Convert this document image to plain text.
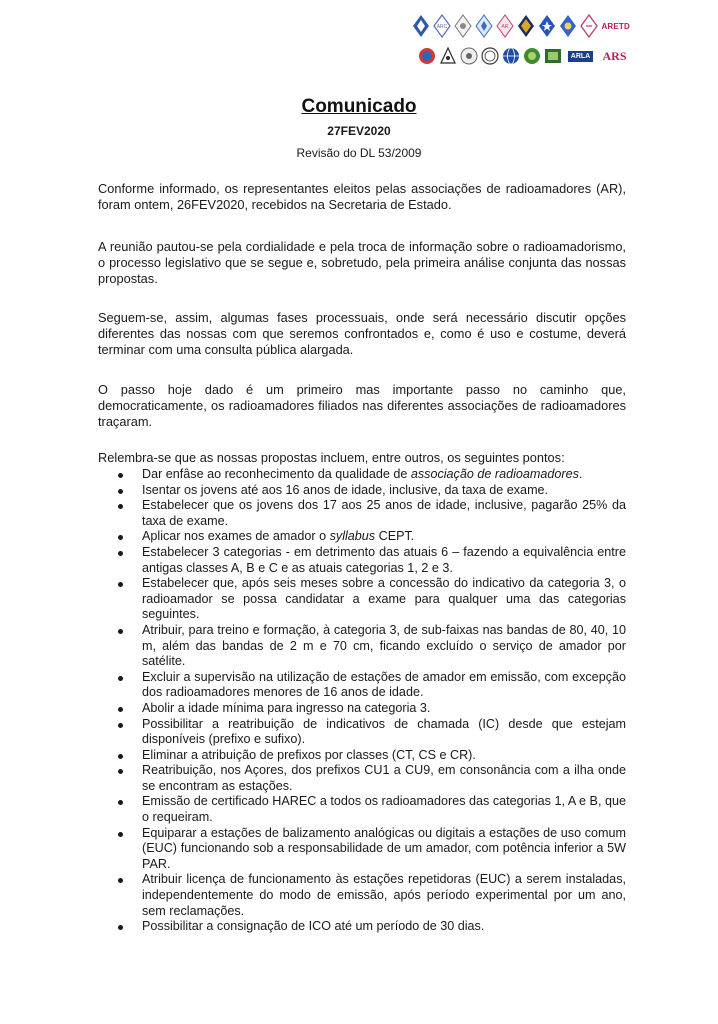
ARC	AR	ARETD
ARLA ARS
Comunicado
27FEV2020
Revisão do DL 53/2009
Conforme informado, os representantes eleitos pelas associações de radioamadores (AR), foram ontem, 26FEV2020, recebidos na Secretaria de Estado.
A reunião pautou-se pela cordialidade e pela troca de informação sobre o radioamadorismo, o processo legislativo que se segue e, sobretudo, pela primeira análise conjunta das nossas propostas.
Seguem-se, assim, algumas fases processuais, onde será necessário discutir opções diferentes das nossas com que seremos confrontados e, como é uso e costume, deverá terminar com uma consulta pública alargada.
O passo hoje dado é um primeiro mas importante passo no caminho que, democraticamente, os radioamadores filiados nas diferentes associações de radioamadores traçaram.
Relembra-se que as nossas propostas incluem, entre outros, os seguintes pontos:
Dar enfâse ao reconhecimento da qualidade de associação de radioamadores.
Isentar os jovens até aos 16 anos de idade, inclusive, da taxa de exame.
Estabelecer que os jovens dos 17 aos 25 anos de idade, inclusive, pagarão 25% da taxa de exame.
Aplicar nos exames de amador o syllabus CEPT.
Estabelecer 3 categorias - em detrimento das atuais 6 – fazendo a equivalência entre antigas classes A, B e C e as atuais categorias 1, 2 e 3.
Estabelecer que, após seis meses sobre a concessão do indicativo da categoria 3, o radioamador se possa candidatar a exame para qualquer uma das categorias seguintes.
Atribuir, para treino e formação, à categoria 3, de sub-faixas nas bandas de 80, 40, 10 m, além das bandas de 2 m e 70 cm, ficando excluído o serviço de amador por satélite.
Excluir a supervisão na utilização de estações de amador em emissão, com excepção dos radioamadores menores de 16 anos de idade.
Abolir a idade mínima para ingresso na categoria 3.
Possibilitar a reatribuição de indicativos de chamada (IC) desde que estejam disponíveis (prefixo e sufixo).
Eliminar a atribuição de prefixos por classes (CT, CS e CR).
Reatribuição, nos Açores, dos prefixos CU1 a CU9, em consonância com a ilha onde se encontram as estações.
Emissão de certificado HAREC a todos os radioamadores das categorias 1, A e B, que o requeiram.
Equiparar a estações de balizamento analógicas ou digitais a estações de uso comum (EUC) funcionando sob a responsabilidade de um amador, com potência inferior a 5W PAR.
Atribuir licença de funcionamento às estações repetidoras (EUC) a serem instaladas, independentemente do modo de emissão, após período experimental por um ano, sem reclamações.
Possibilitar a consignação de ICO até um período de 30 dias.
